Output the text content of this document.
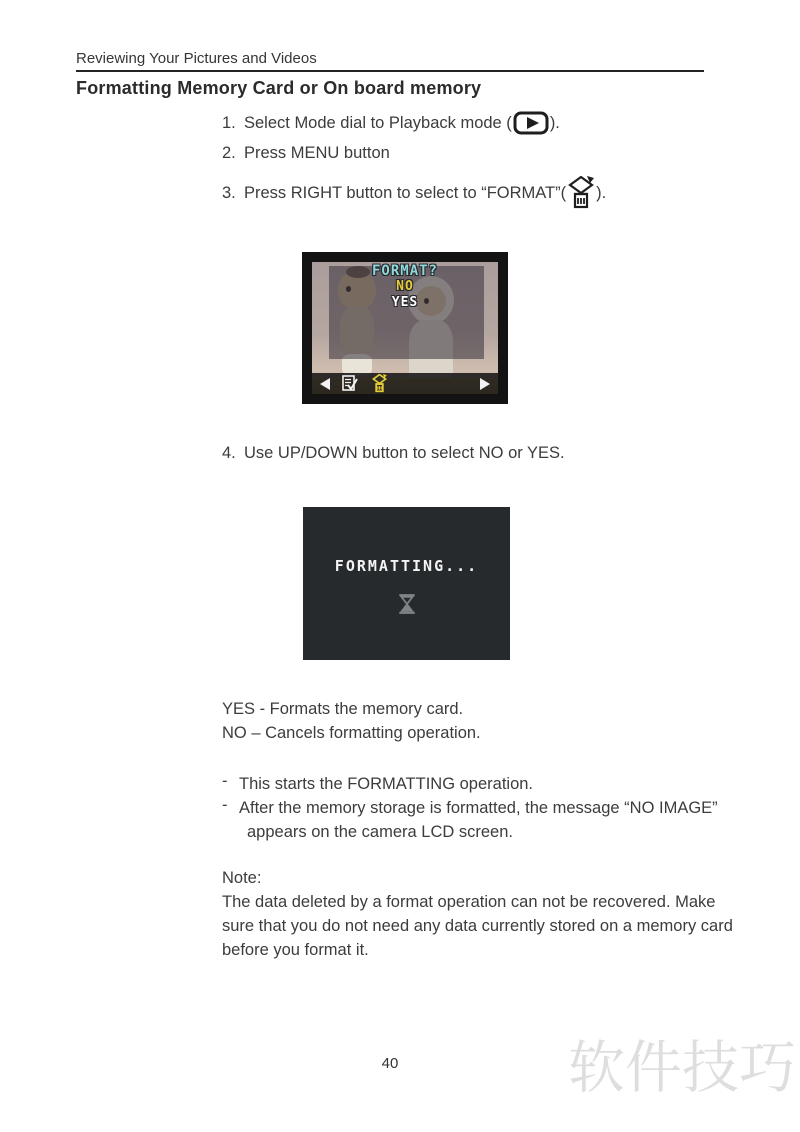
Reviewing Your Pictures and Videos
Formatting Memory Card or On board memory
1. Select Mode dial to Playback mode ( ).
2. Press MENU button
3. Press RIGHT button to select to “FORMAT”( ).
FORMAT?
NO
YES
4. Use UP/DOWN button to select NO or YES.
FORMATTING...
YES - Formats the memory card.
NO – Cancels formatting operation.
- This starts the FORMATTING operation.
- After the memory storage is formatted, the message “NO IMAGE”
appears on the camera LCD screen.
Note:
The data deleted by a format operation can not be recovered. Make
sure that you do not need any data currently stored on a memory card
before you format it.
40	软件技巧
